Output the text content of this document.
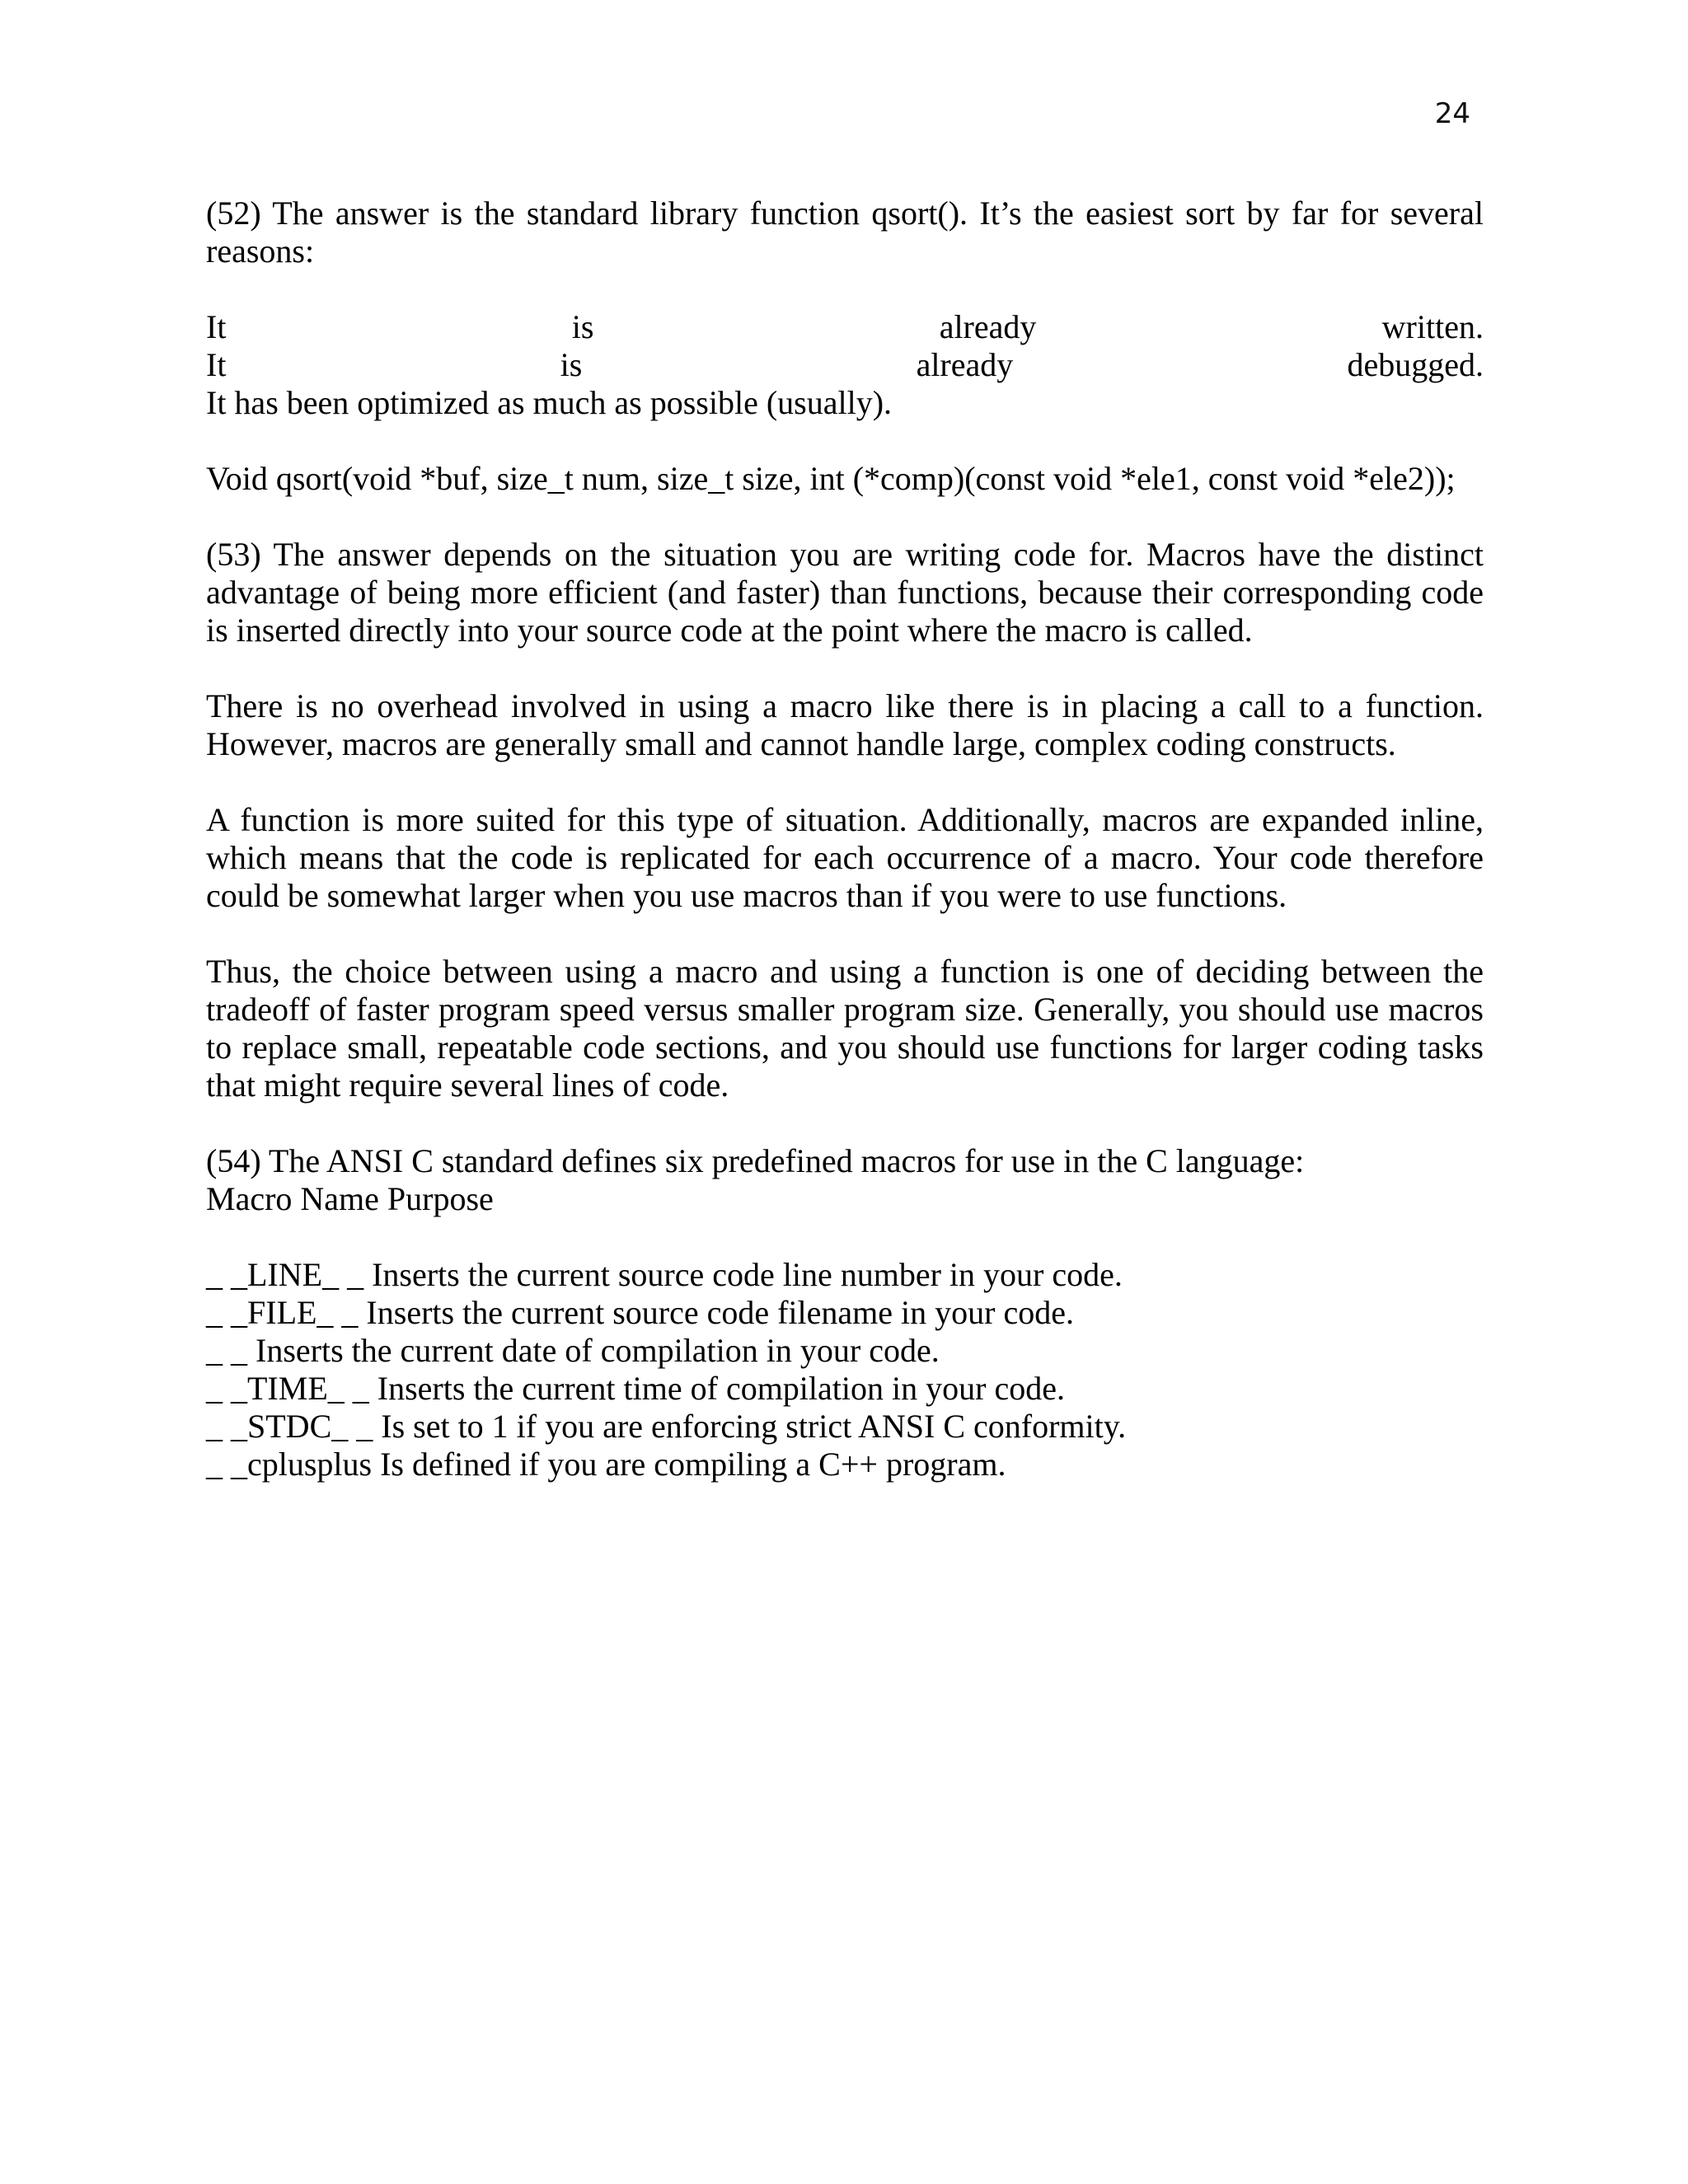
24

(52) The answer is the standard library function qsort(). It’s the easiest sort by far for several reasons:

It	is	already	written.
It	is	already	debugged.

It has been optimized as much as possible (usually).

Void qsort(void *buf, size_t num, size_t size, int (*comp)(const void *ele1, const void *ele2));

(53) The answer depends on the situation you are writing code for. Macros have the distinct advantage of being more efficient (and faster) than functions, because their corresponding code is inserted directly into your source code at the point where the macro is called.

There is no overhead involved in using a macro like there is in placing a call to a function. However, macros are generally small and cannot handle large, complex coding constructs.

A function is more suited for this type of situation. Additionally, macros are expanded inline, which means that the code is replicated for each occurrence of a macro. Your code therefore could be somewhat larger when you use macros than if you were to use functions.

Thus, the choice between using a macro and using a function is one of deciding between the tradeoff of faster program speed versus smaller program size. Generally, you should use macros to replace small, repeatable code sections, and you should use functions for larger coding tasks that might require several lines of code.

(54) The ANSI C standard defines six predefined macros for use in the C language:

Macro Name Purpose

_ _LINE_ _ Inserts the current source code line number in your code.

_ _FILE_ _ Inserts the current source code filename in your code.

_ _ Inserts the current date of compilation in your code.

_ _TIME_ _ Inserts the current time of compilation in your code.

_ _STDC_ _ Is set to 1 if you are enforcing strict ANSI C conformity.

_ _cplusplus Is defined if you are compiling a C++ program.
